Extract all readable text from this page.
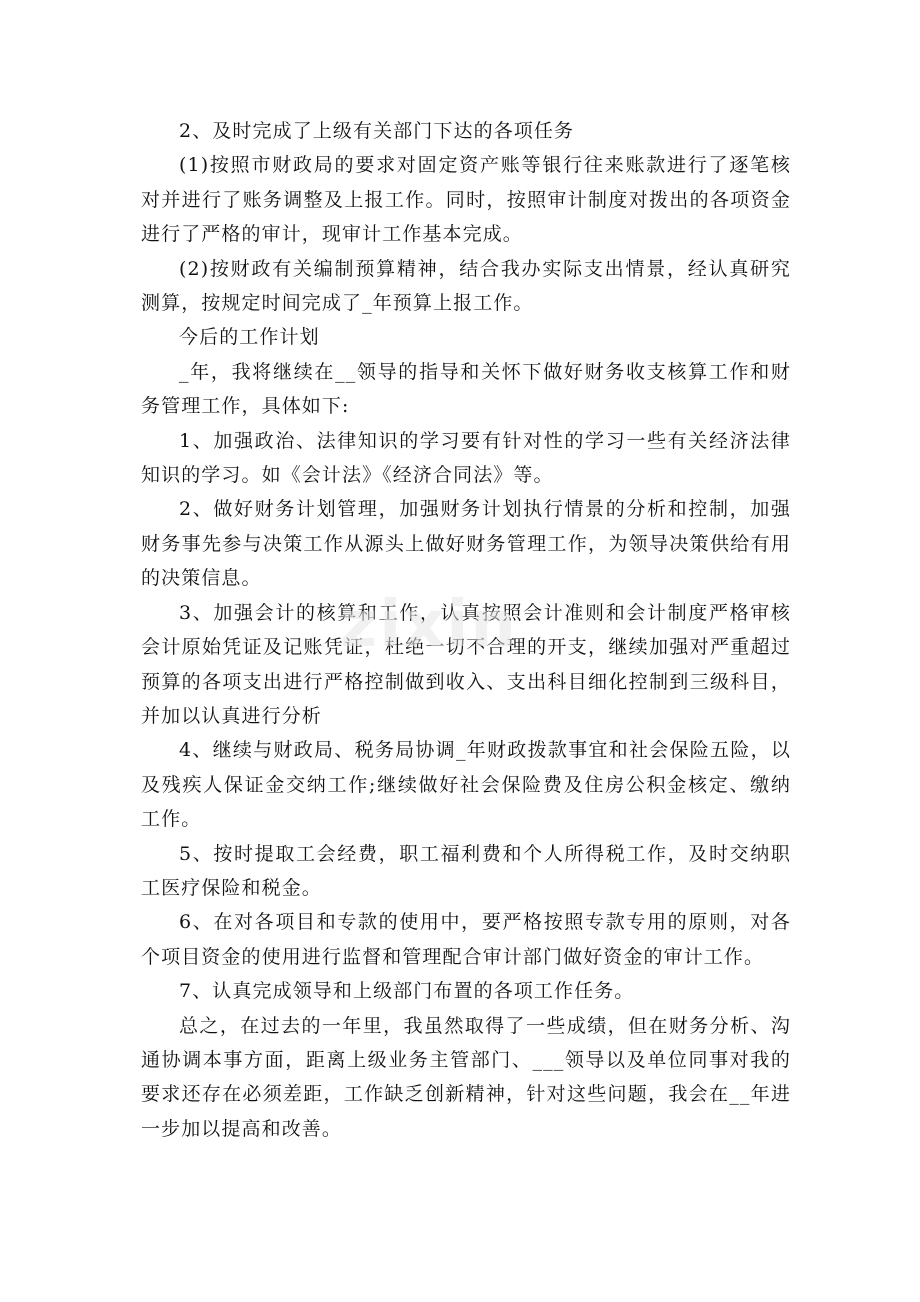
2、及时完成了上级有关部门下达的各项任务

(1)按照市财政局的要求对固定资产账等银行往来账款进行了逐笔核对并进行了账务调整及上报工作。同时，按照审计制度对拨出的各项资金进行了严格的审计，现审计工作基本完成。

(2)按财政有关编制预算精神，结合我办实际支出情景，经认真研究测算，按规定时间完成了_年预算上报工作。

今后的工作计划

_年，我将继续在__领导的指导和关怀下做好财务收支核算工作和财务管理工作，具体如下:

1、加强政治、法律知识的学习要有针对性的学习一些有关经济法律知识的学习。如《会计法》《经济合同法》等。

2、做好财务计划管理，加强财务计划执行情景的分析和控制，加强财务事先参与决策工作从源头上做好财务管理工作，为领导决策供给有用的决策信息。

3、加强会计的核算和工作，认真按照会计准则和会计制度严格审核会计原始凭证及记账凭证，杜绝一切不合理的开支，继续加强对严重超过预算的各项支出进行严格控制做到收入、支出科目细化控制到三级科目，并加以认真进行分析

4、继续与财政局、税务局协调_年财政拨款事宜和社会保险五险，以及残疾人保证金交纳工作;继续做好社会保险费及住房公积金核定、缴纳工作。

5、按时提取工会经费，职工福利费和个人所得税工作，及时交纳职工医疗保险和税金。

6、在对各项目和专款的使用中，要严格按照专款专用的原则，对各个项目资金的使用进行监督和管理配合审计部门做好资金的审计工作。

7、认真完成领导和上级部门布置的各项工作任务。

总之，在过去的一年里，我虽然取得了一些成绩，但在财务分析、沟通协调本事方面，距离上级业务主管部门、___领导以及单位同事对我的要求还存在必须差距，工作缺乏创新精神，针对这些问题，我会在__年进一步加以提高和改善。

zixin
